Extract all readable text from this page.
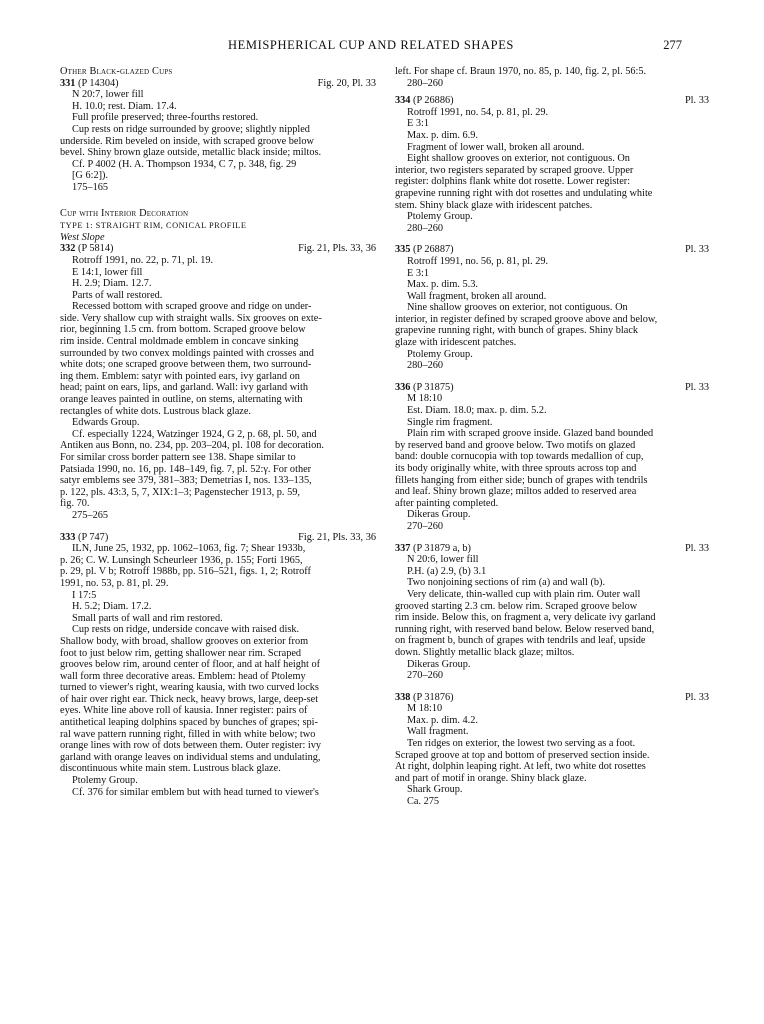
HEMISPHERICAL CUP AND RELATED SHAPES	277

Other Black-glazed Cups

331 (P 14304)	Fig. 20, Pl. 33

N 20:7, lower fill

H. 10.0; rest. Diam. 17.4.

Full profile preserved; three-fourths restored.

Cup rests on ridge surrounded by groove; slightly nippled

underside. Rim beveled on inside, with scraped groove below

bevel. Shiny brown glaze outside, metallic black inside; miltos.

Cf. P 4002 (H. A. Thompson 1934, C 7, p. 348, fig. 29

[G 6:2]).

175–165

Cup with Interior Decoration

TYPE 1: STRAIGHT RIM, CONICAL PROFILE

West Slope

332 (P 5814)	Fig. 21, Pls. 33, 36

Rotroff 1991, no. 22, p. 71, pl. 19.

E 14:1, lower fill

H. 2.9; Diam. 12.7.

Parts of wall restored.

Recessed bottom with scraped groove and ridge on under-

side. Very shallow cup with straight walls. Six grooves on exte-

rior, beginning 1.5 cm. from bottom. Scraped groove below

rim inside. Central moldmade emblem in concave sinking

surrounded by two convex moldings painted with crosses and

white dots; one scraped groove between them, two surround-

ing them. Emblem: satyr with pointed ears, ivy garland on

head; paint on ears, lips, and garland. Wall: ivy garland with

orange leaves painted in outline, on stems, alternating with

rectangles of white dots. Lustrous black glaze.

Edwards Group.

Cf. especially 1224, Watzinger 1924, G 2, p. 68, pl. 50, and

Antiken aus Bonn, no. 234, pp. 203–204, pl. 108 for decoration.

For similar cross border pattern see 138. Shape similar to

Patsiada 1990, no. 16, pp. 148–149, fig. 7, pl. 52:γ. For other

satyr emblems see 379, 381–383; Demetrias I, nos. 133–135,

p. 122, pls. 43:3, 5, 7, XIX:1–3; Pagenstecher 1913, p. 59,

fig. 70.

275–265

333 (P 747)	Fig. 21, Pls. 33, 36

ILN, June 25, 1932, pp. 1062–1063, fig. 7; Shear 1933b,

p. 26; C. W. Lunsingh Scheurleer 1936, p. 155; Forti 1965,

p. 29, pl. V b; Rotroff 1988b, pp. 516–521, figs. 1, 2; Rotroff

1991, no. 53, p. 81, pl. 29.

I 17:5

H. 5.2; Diam. 17.2.

Small parts of wall and rim restored.

Cup rests on ridge, underside concave with raised disk.

Shallow body, with broad, shallow grooves on exterior from

foot to just below rim, getting shallower near rim. Scraped

grooves below rim, around center of floor, and at half height of

wall form three decorative areas. Emblem: head of Ptolemy

turned to viewer's right, wearing kausia, with two curved locks

of hair over right ear. Thick neck, heavy brows, large, deep-set

eyes. White line above roll of kausia. Inner register: pairs of

antithetical leaping dolphins spaced by bunches of grapes; spi-

ral wave pattern running right, filled in with white below; two

orange lines with row of dots between them. Outer register: ivy

garland with orange leaves on individual stems and undulating,

discontinuous white main stem. Lustrous black glaze.

Ptolemy Group.

Cf. 376 for similar emblem but with head turned to viewer's

left. For shape cf. Braun 1970, no. 85, p. 140, fig. 2, pl. 56:5.

280–260

334 (P 26886)	Pl. 33

Rotroff 1991, no. 54, p. 81, pl. 29.

E 3:1

Max. p. dim. 6.9.

Fragment of lower wall, broken all around.

Eight shallow grooves on exterior, not contiguous. On

interior, two registers separated by scraped groove. Upper

register: dolphins flank white dot rosette. Lower register:

grapevine running right with dot rosettes and undulating white

stem. Shiny black glaze with iridescent patches.

Ptolemy Group.

280–260

335 (P 26887)	Pl. 33

Rotroff 1991, no. 56, p. 81, pl. 29.

E 3:1

Max. p. dim. 5.3.

Wall fragment, broken all around.

Nine shallow grooves on exterior, not contiguous. On

interior, in register defined by scraped groove above and below,

grapevine running right, with bunch of grapes. Shiny black

glaze with iridescent patches.

Ptolemy Group.

280–260

336 (P 31875)	Pl. 33

M 18:10

Est. Diam. 18.0; max. p. dim. 5.2.

Single rim fragment.

Plain rim with scraped groove inside. Glazed band bounded

by reserved band and groove below. Two motifs on glazed

band: double cornucopia with top towards medallion of cup,

its body originally white, with three sprouts across top and

fillets hanging from either side; bunch of grapes with tendrils

and leaf. Shiny brown glaze; miltos added to reserved area

after painting completed.

Dikeras Group.

270–260

337 (P 31879 a, b)	Pl. 33

N 20:6, lower fill

P.H. (a) 2.9, (b) 3.1

Two nonjoining sections of rim (a) and wall (b).

Very delicate, thin-walled cup with plain rim. Outer wall

grooved starting 2.3 cm. below rim. Scraped groove below

rim inside. Below this, on fragment a, very delicate ivy garland

running right, with reserved band below. Below reserved band,

on fragment b, bunch of grapes with tendrils and leaf, upside

down. Slightly metallic black glaze; miltos.

Dikeras Group.

270–260

338 (P 31876)	Pl. 33

M 18:10

Max. p. dim. 4.2.

Wall fragment.

Ten ridges on exterior, the lowest two serving as a foot.

Scraped groove at top and bottom of preserved section inside.

At right, dolphin leaping right. At left, two white dot rosettes

and part of motif in orange. Shiny black glaze.

Shark Group.

Ca. 275
